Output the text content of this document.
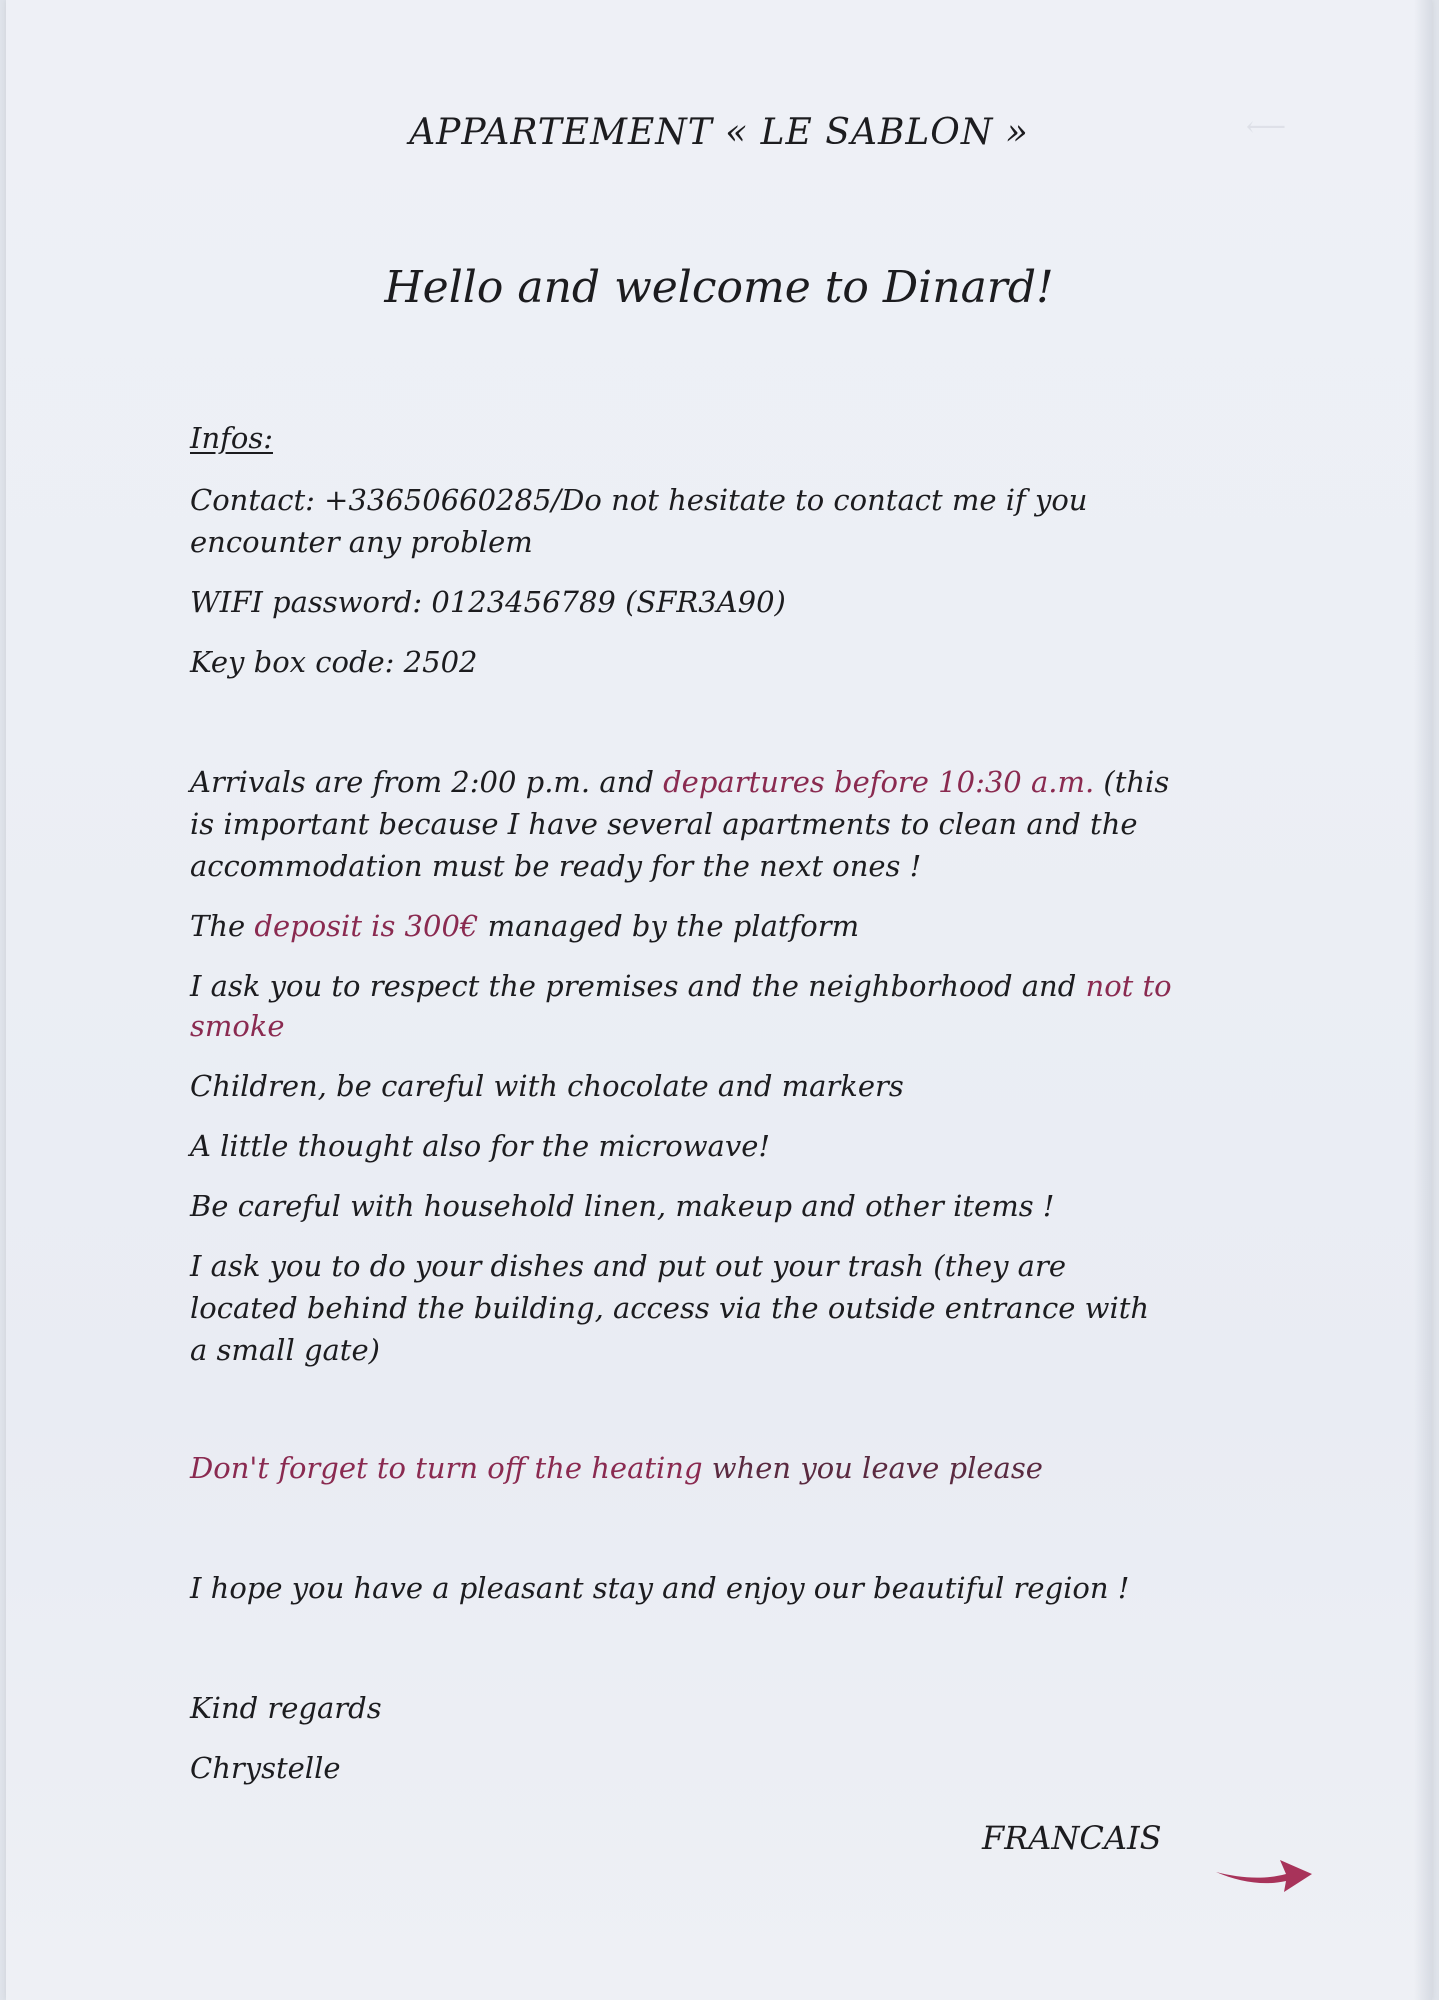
⟵
APPARTEMENT « LE SABLON »
Hello and welcome to Dinard!
Infos:
Contact: +33650660285/Do not hesitate to contact me if you
encounter any problem
WIFI password: 0123456789 (SFR3A90)
Key box code: 2502
Arrivals are from 2:00 p.m. and departures before 10:30 a.m. (this
is important because I have several apartments to clean and the
accommodation must be ready for the next ones !
The deposit is 300€ managed by the platform
I ask you to respect the premises and the neighborhood and not to
smoke
Children, be careful with chocolate and markers
A little thought also for the microwave!
Be careful with household linen, makeup and other items !
I ask you to do your dishes and put out your trash (they are
located behind the building, access via the outside entrance with
a small gate)
Don't forget to turn off the heating when you leave please
I hope you have a pleasant stay and enjoy our beautiful region !
Kind regards
Chrystelle
FRANCAIS
